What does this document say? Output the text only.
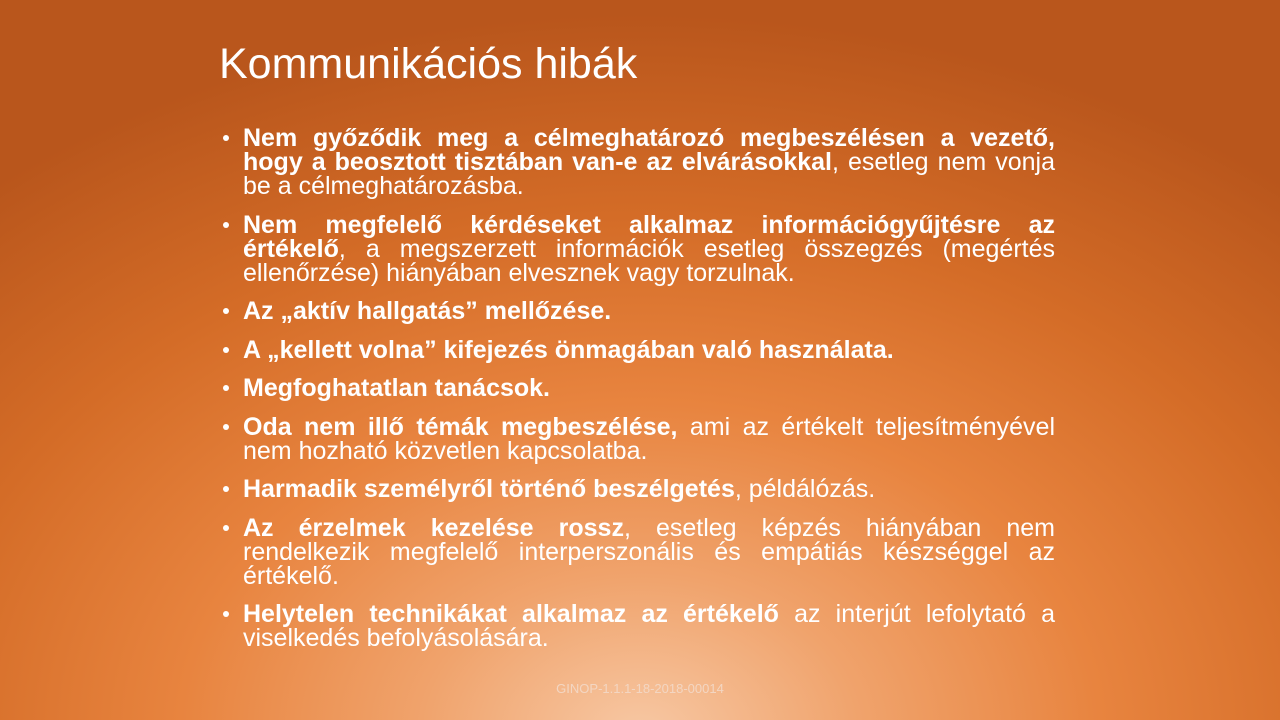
Kommunikációs hibák
Nem győződik meg a célmeghatározó megbeszélésen a vezető, hogy a beosztott tisztában van-e az elvárásokkal, esetleg nem vonja be a célmeghatározásba.
Nem megfelelő kérdéseket alkalmaz információgyűjtésre az értékelő, a megszerzett információk esetleg összegzés (megértés ellenőrzése) hiányában elvesznek vagy torzulnak.
Az „aktív hallgatás” mellőzése.
A „kellett volna” kifejezés önmagában való használata.
Megfoghatatlan tanácsok.
Oda nem illő témák megbeszélése, ami az értékelt teljesítményével nem hozható közvetlen kapcsolatba.
Harmadik személyről történő beszélgetés, példálózás.
Az érzelmek kezelése rossz, esetleg képzés hiányában nem rendelkezik megfelelő interperszonális és empátiás készséggel az értékelő.
Helytelen technikákat alkalmaz az értékelő az interjút lefolytató a viselkedés befolyásolására.
GINOP-1.1.1-18-2018-00014
